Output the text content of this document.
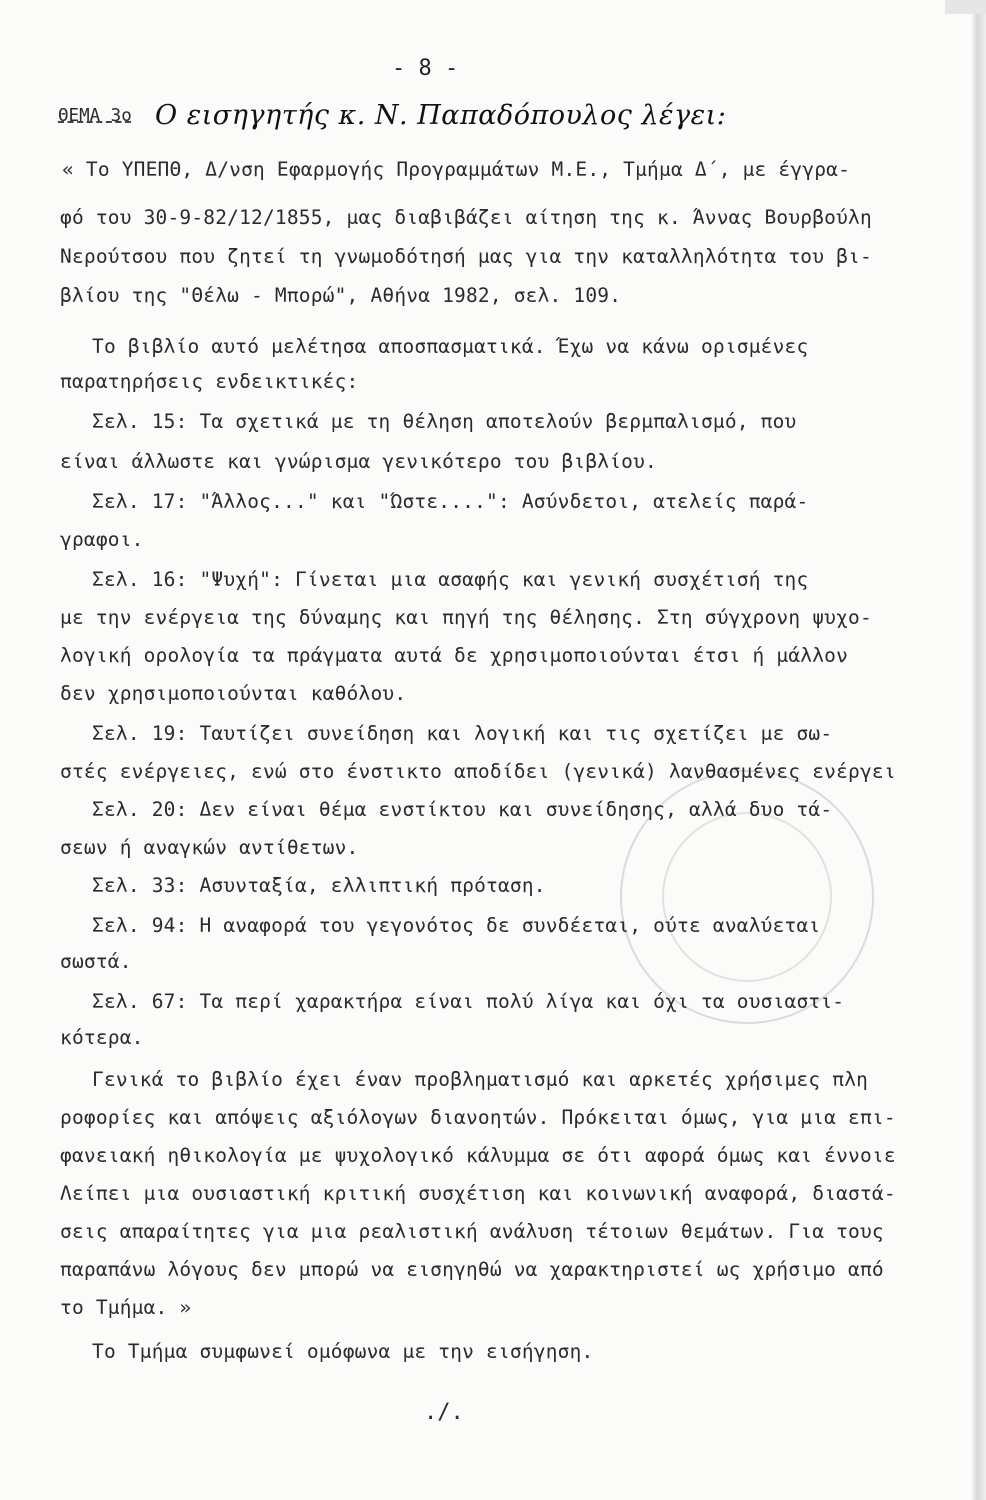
- 8 -
ΘΕΜΑ 3ο Ο εισηγητής κ. Ν. Παπαδόπουλος λέγει:
« Το ΥΠΕΠΘ, Δ/νση Εφαρμογής Προγραμμάτων Μ.Ε., Τμήμα Δ΄, με έγγρα-
φό του 30-9-82/12/1855, μας διαβιβάζει αίτηση της κ. Άννας Βουρβούλη
Νερούτσου που ζητεί τη γνωμοδότησή μας για την καταλληλότητα του βι-
βλίου της "Θέλω - Μπορώ", Αθήνα 1982, σελ. 109.
Το βιβλίο αυτό μελέτησα αποσπασματικά. Έχω να κάνω ορισμένες
παρατηρήσεις ενδεικτικές:
Σελ. 15: Τα σχετικά με τη θέληση αποτελούν βερμπαλισμό, που
είναι άλλωστε και γνώρισμα γενικότερο του βιβλίου.
Σελ. 17: "Άλλος..." και "Ώστε....": Ασύνδετοι, ατελείς παρά-
γραφοι.
Σελ. 16: "Ψυχή": Γίνεται μια ασαφής και γενική συσχέτισή της
με την ενέργεια της δύναμης και πηγή της θέλησης. Στη σύγχρονη ψυχο-
λογική ορολογία τα πράγματα αυτά δε χρησιμοποιούνται έτσι ή μάλλον
δεν χρησιμοποιούνται καθόλου.
Σελ. 19: Ταυτίζει συνείδηση και λογική και τις σχετίζει με σω-
στές ενέργειες, ενώ στο ένστικτο αποδίδει (γενικά) λανθασμένες ενέργει
Σελ. 20: Δεν είναι θέμα ενστίκτου και συνείδησης, αλλά δυο τά-
σεων ή αναγκών αντίθετων.
Σελ. 33: Ασυνταξία, ελλιπτική πρόταση.
Σελ. 94: Η αναφορά του γεγονότος δε συνδέεται, ούτε αναλύεται
σωστά.
Σελ. 67: Τα περί χαρακτήρα είναι πολύ λίγα και όχι τα ουσιαστι-
κότερα.
Γενικά το βιβλίο έχει έναν προβληματισμό και αρκετές χρήσιμες πλη
ροφορίες και απόψεις αξιόλογων διανοητών. Πρόκειται όμως, για μια επι-
φανειακή ηθικολογία με ψυχολογικό κάλυμμα σε ότι αφορά όμως και έννοιε
Λείπει μια ουσιαστική κριτική συσχέτιση και κοινωνική αναφορά, διαστά-
σεις απαραίτητες για μια ρεαλιστική ανάλυση τέτοιων θεμάτων. Για τους
παραπάνω λόγους δεν μπορώ να εισηγηθώ να χαρακτηριστεί ως χρήσιμο από
το Τμήμα. »
Το Τμήμα συμφωνεί ομόφωνα με την εισήγηση.
./.
